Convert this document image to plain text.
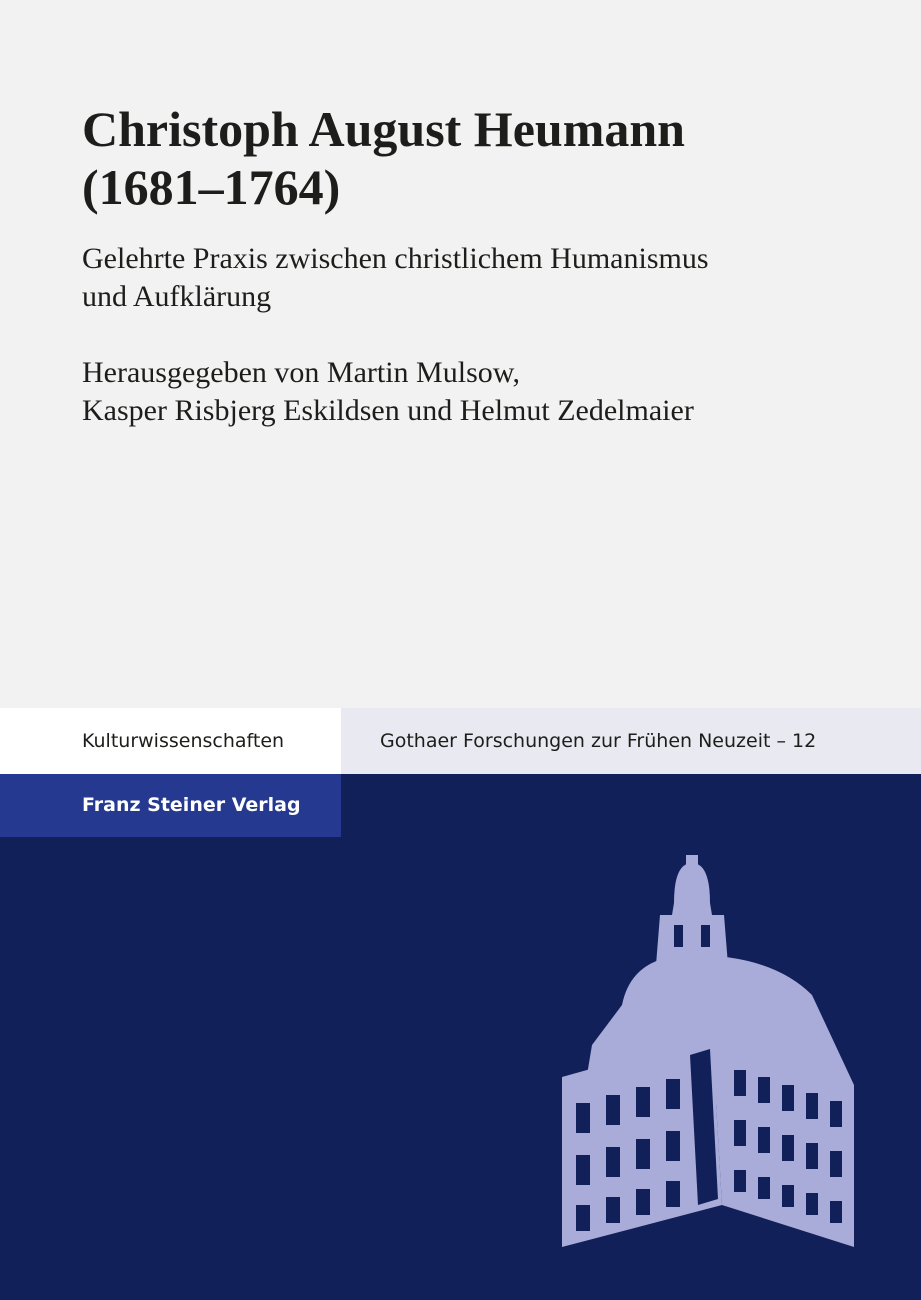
Christoph August Heumann
(1681–1764)

Gelehrte Praxis zwischen christlichem Humanismus
und Aufklärung

Herausgegeben von Martin Mulsow,
Kasper Risbjerg Eskildsen und Helmut Zedelmaier

Kulturwissenschaften	Gothaer Forschungen zur Frühen Neuzeit – 12
Franz Steiner Verlag
